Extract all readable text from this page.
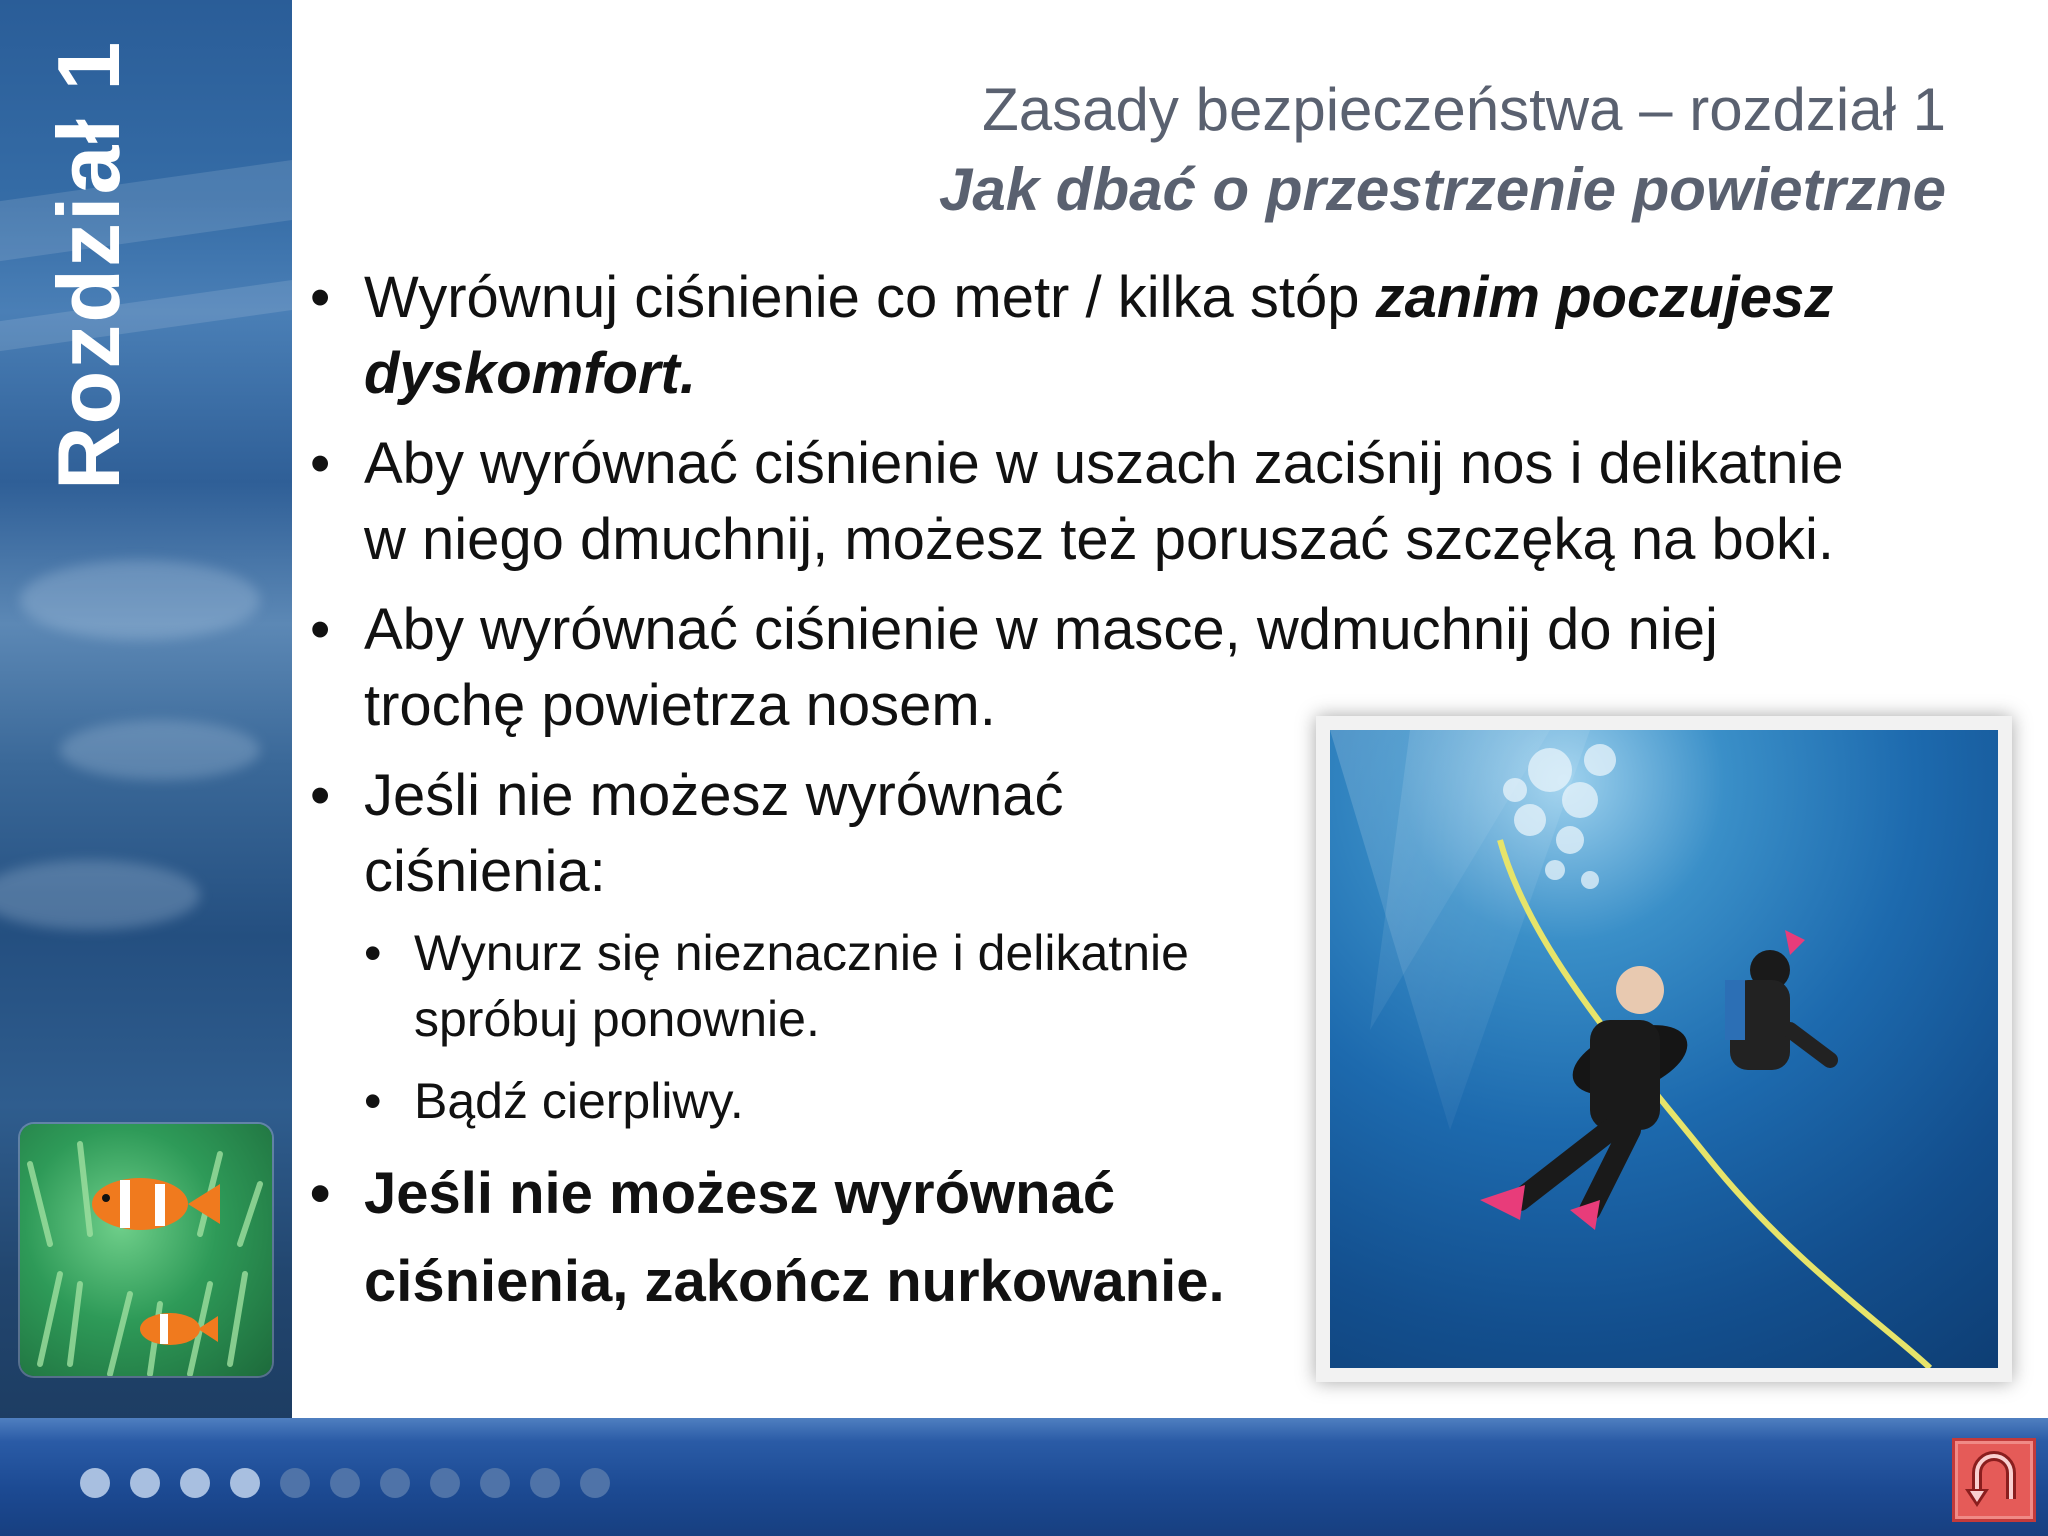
Rozdział 1	Zasady bezpieczeństwa – rozdział 1
Jak dbać o przestrzenie powietrzne
• Wyrównuj ciśnienie co metr / kilka stóp zanim poczujesz
dyskomfort.
• Aby wyrównać ciśnienie w uszach zaciśnij nos i delikatnie
w niego dmuchnij, możesz też poruszać szczęką na boki.
• Aby wyrównać ciśnienie w masce, wdmuchnij do niej
trochę powietrza nosem.
• Jeśli nie możesz wyrównać
ciśnienia:
• Wynurz się nieznacznie i delikatnie
spróbuj ponownie.
• Bądź cierpliwy.
• Jeśli nie możesz wyrównać
ciśnienia, zakończ nurkowanie.
